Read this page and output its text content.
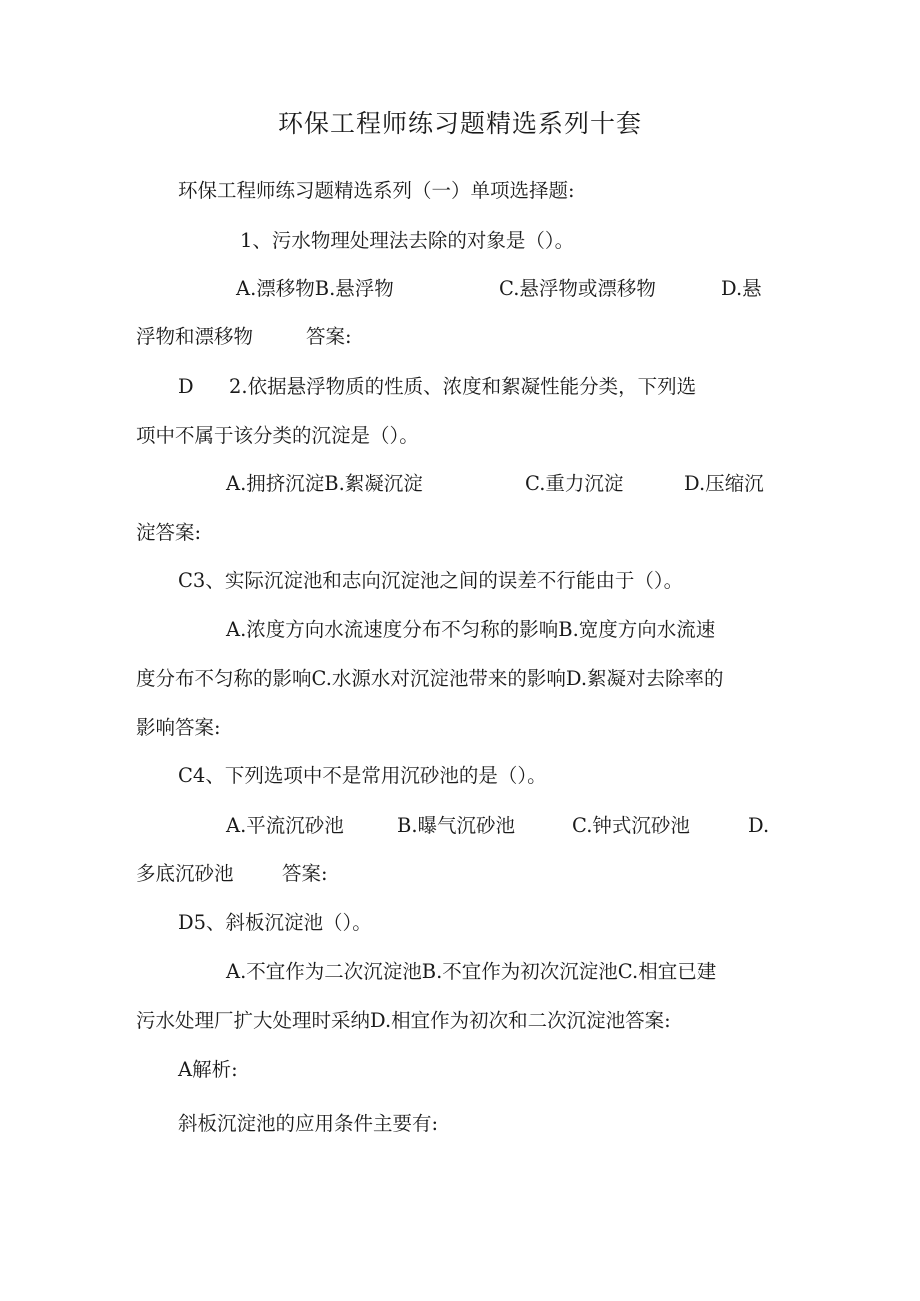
环保工程师练习题精选系列十套
环保工程师练习题精选系列（一）单项选择题:
1、污水物理处理法去除的对象是（）。
A.漂移物B.悬浮物	C.悬浮物或漂移物	D.悬
浮物和漂移物	答案:
D 2.依据悬浮物质的性质、浓度和絮凝性能分类，下列选
项中不属于该分类的沉淀是（）。
A.拥挤沉淀B.絮凝沉淀	C.重力沉淀	D.压缩沉
淀答案:
C3、实际沉淀池和志向沉淀池之间的误差不行能由于（）。
A.浓度方向水流速度分布不匀称的影响B.宽度方向水流速
度分布不匀称的影响C.水源水对沉淀池带来的影响D.絮凝对去除率的
影响答案:
C4、下列选项中不是常用沉砂池的是（）。
A.平流沉砂池	B.曝气沉砂池	C.钟式沉砂池	D.
多底沉砂池 答案:
D5、斜板沉淀池（）。
A.不宜作为二次沉淀池B.不宜作为初次沉淀池C.相宜已建
污水处理厂扩大处理时采纳D.相宜作为初次和二次沉淀池答案:
A解析:
斜板沉淀池的应用条件主要有:
